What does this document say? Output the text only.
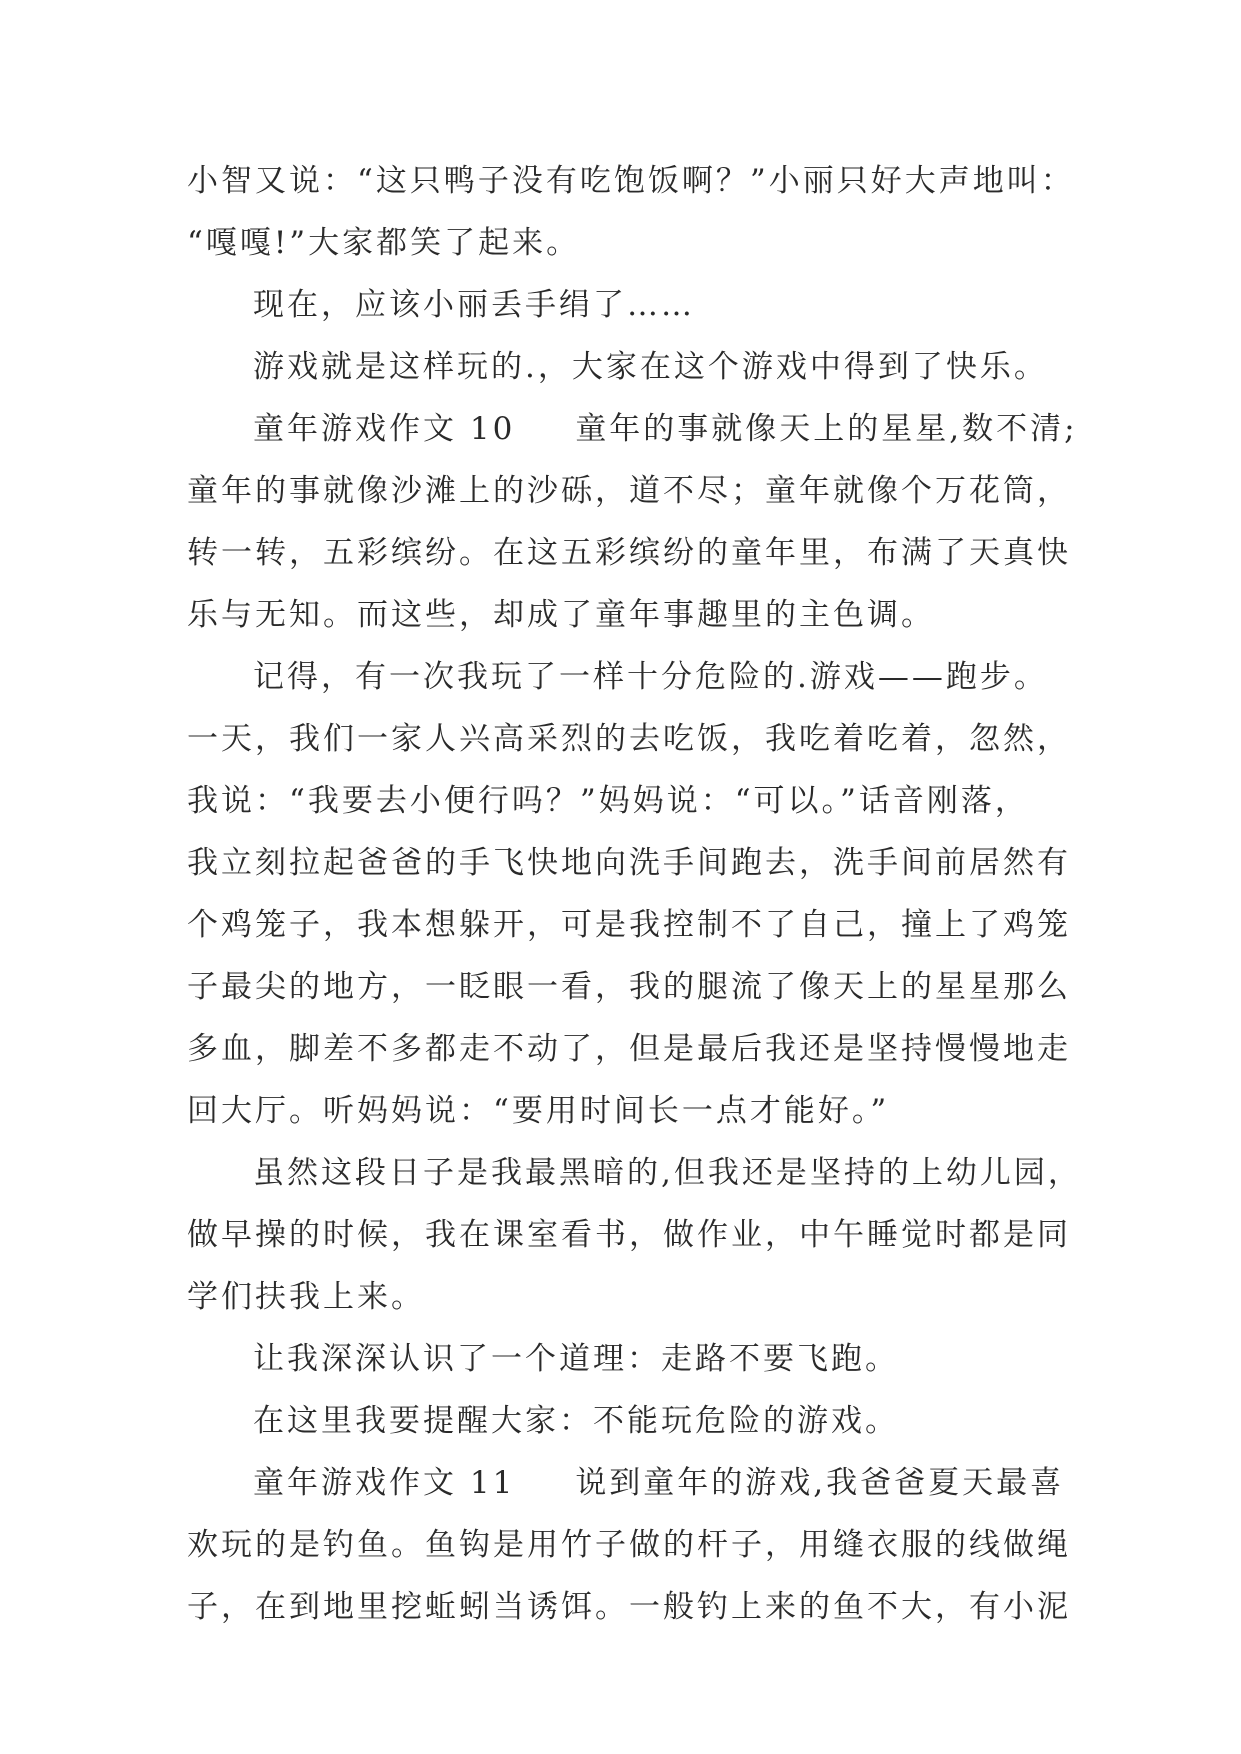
小智又说：“这只鸭子没有吃饱饭啊？”小丽只好大声地叫：
“嘎嘎!”大家都笑了起来。
现在，应该小丽丢手绢了……
游戏就是这样玩的.，大家在这个游戏中得到了快乐。
童年游戏作文 10 童年的事就像天上的星星,数不清;
童年的事就像沙滩上的沙砾，道不尽；童年就像个万花筒，
转一转，五彩缤纷。在这五彩缤纷的童年里，布满了天真快
乐与无知。而这些，却成了童年事趣里的主色调。
记得，有一次我玩了一样十分危险的.游戏——跑步。
一天，我们一家人兴高采烈的去吃饭，我吃着吃着，忽然，
我说：“我要去小便行吗？”妈妈说：“可以。”话音刚落，
我立刻拉起爸爸的手飞快地向洗手间跑去，洗手间前居然有
个鸡笼子，我本想躲开，可是我控制不了自己，撞上了鸡笼
子最尖的地方，一眨眼一看，我的腿流了像天上的星星那么
多血，脚差不多都走不动了，但是最后我还是坚持慢慢地走
回大厅。听妈妈说：“要用时间长一点才能好。”
虽然这段日子是我最黑暗的,但我还是坚持的上幼儿园，
做早操的时候，我在课室看书，做作业，中午睡觉时都是同
学们扶我上来。
让我深深认识了一个道理：走路不要飞跑。
在这里我要提醒大家：不能玩危险的游戏。
童年游戏作文 11 说到童年的游戏,我爸爸夏天最喜
欢玩的是钓鱼。鱼钩是用竹子做的杆子，用缝衣服的线做绳
子，在到地里挖蚯蚓当诱饵。一般钓上来的鱼不大，有小泥
